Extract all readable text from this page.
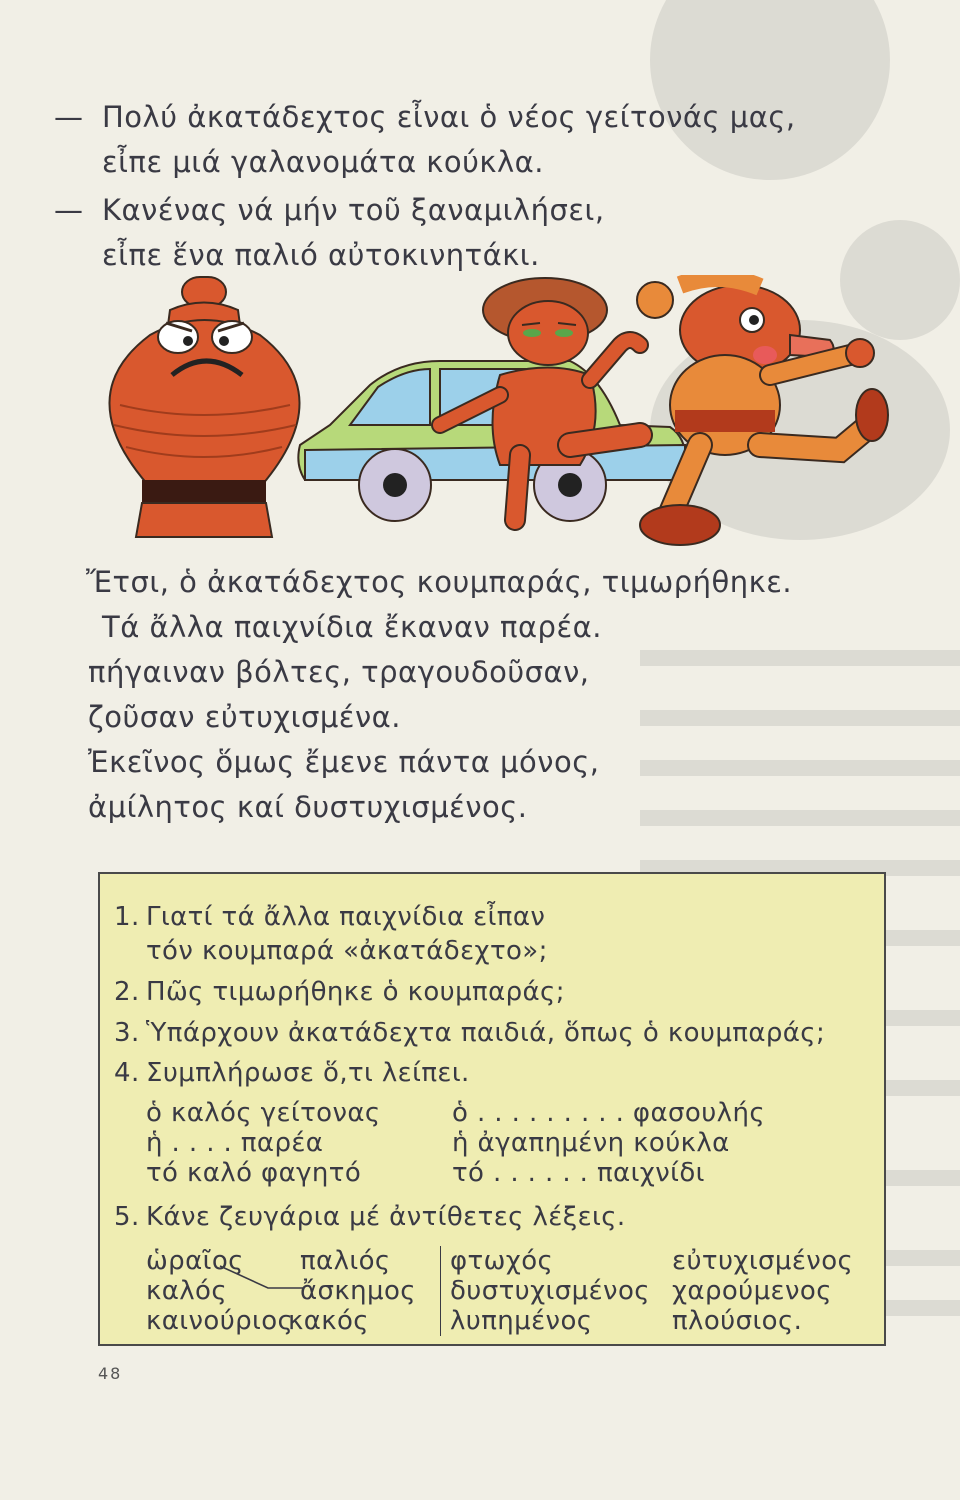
— Πολύ ἀκατάδεχτος εἶναι ὁ νέος γείτονάς μας,
εἶπε μιά γαλανομάτα κούκλα.
— Κανένας νά μήν τοῦ ξαναμιλήσει,
εἶπε ἕνα παλιό αὐτοκινητάκι.
Ἔτσι, ὁ ἀκατάδεχτος κουμπαράς, τιμωρήθηκε.
Τά ἄλλα παιχνίδια ἔκαναν παρέα.
πήγαιναν βόλτες, τραγουδοῦσαν,
ζοῦσαν εὐτυχισμένα.
Ἐκεῖνος ὅμως ἔμενε πάντα μόνος,
ἀμίλητος καί δυστυχισμένος.
1. Γιατί τά ἄλλα παιχνίδια εἶπαν
τόν κουμπαρά «ἀκατάδεχτο»;
2. Πῶς τιμωρήθηκε ὁ κουμπαράς;
3. Ὑπάρχουν ἀκατάδεχτα παιδιά, ὅπως ὁ κουμπαράς;
4. Συμπλήρωσε ὅ,τι λείπει.
ὁ καλός γείτονας
ἡ . . . . παρέα
τό καλό φαγητό
ὁ . . . . . . . . . φασουλής
ἡ ἀγαπημένη κούκλα
τό . . . . . . παιχνίδι
5. Κάνε ζευγάρια μέ ἀντίθετες λέξεις.
ὡραῖος
καλός
καινούριος
παλιός
ἄσκημος
κακός
φτωχός
δυστυχισμένος
λυπημένος
εὐτυχισμένος
χαρούμενος
πλούσιος.
48
